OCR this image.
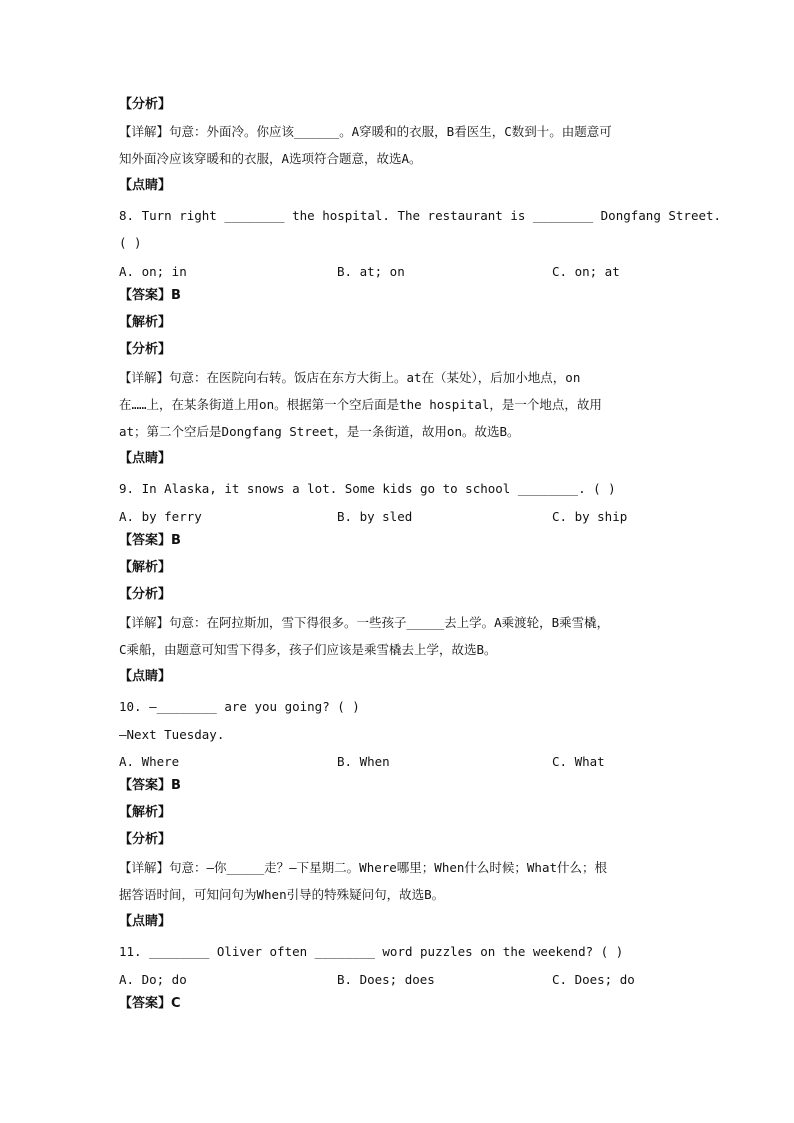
【分析】
【详解】句意：外面冷。你应该______。A穿暖和的衣服，B看医生，C数到十。由题意可
知外面冷应该穿暖和的衣服，A选项符合题意，故选A。
【点睛】
8. Turn right ________ the hospital. The restaurant is ________ Dongfang Street.
( )
A. on; in	B. at; on	C. on; at
【答案】B
【解析】
【分析】
【详解】句意：在医院向右转。饭店在东方大街上。at在（某处），后加小地点，on
在……上，在某条街道上用on。根据第一个空后面是the hospital，是一个地点，故用
at；第二个空后是Dongfang Street，是一条街道，故用on。故选B。
【点睛】
9. In Alaska, it snows a lot. Some kids go to school ________. ( )
A. by ferry	B. by sled	C. by ship
【答案】B
【解析】
【分析】
【详解】句意：在阿拉斯加，雪下得很多。一些孩子_____去上学。A乘渡轮，B乘雪橇，
C乘船，由题意可知雪下得多，孩子们应该是乘雪橇去上学，故选B。
【点睛】
10. —________ are you going? ( )
—Next Tuesday.
A. Where	B. When	C. What
【答案】B
【解析】
【分析】
【详解】句意：—你_____走？—下星期二。Where哪里；When什么时候；What什么；根
据答语时间，可知问句为When引导的特殊疑问句，故选B。
【点睛】
11. ________ Oliver often ________ word puzzles on the weekend? ( )
A. Do; do	B. Does; does	C. Does; do
【答案】C
